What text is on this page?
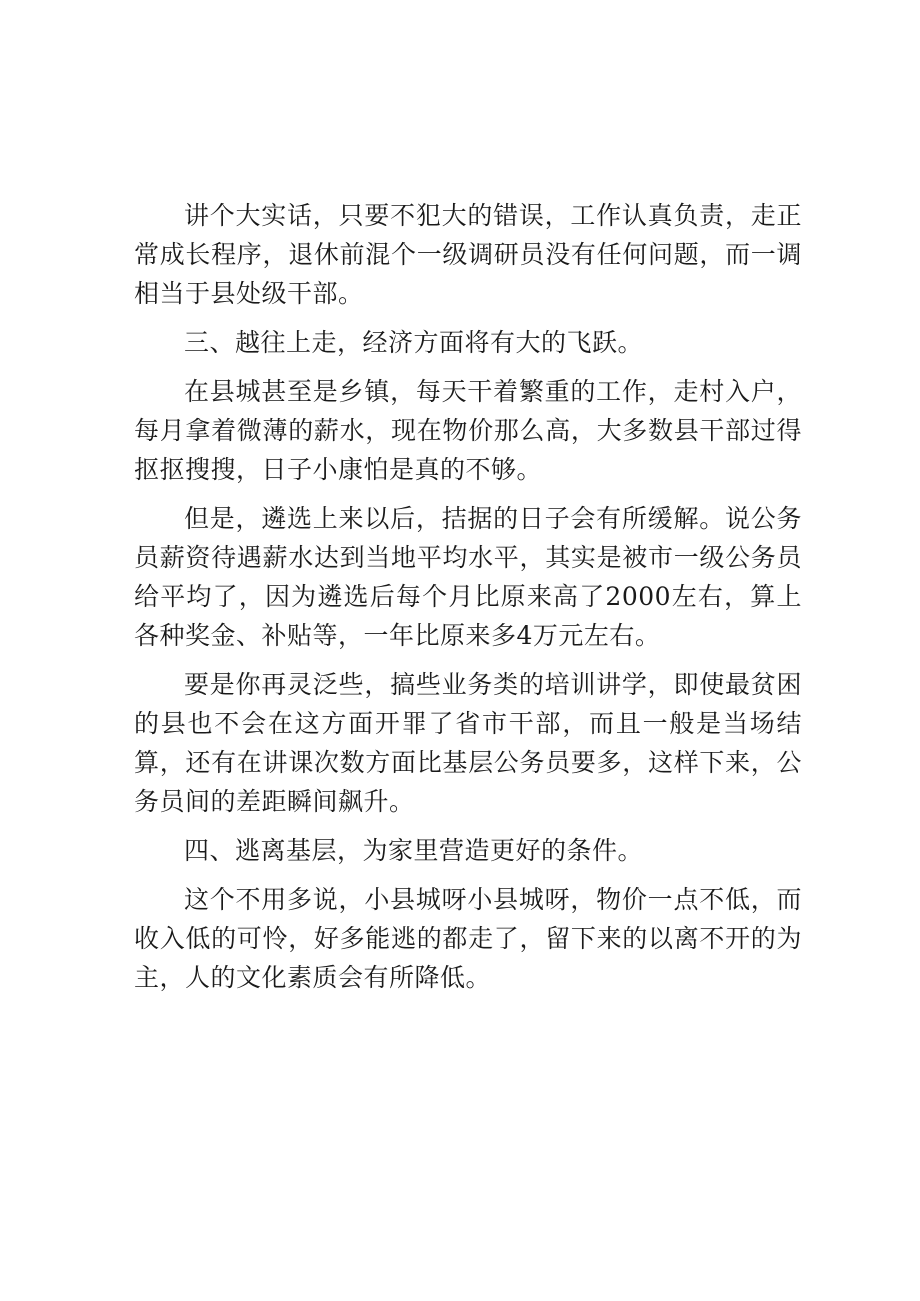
讲个大实话，只要不犯大的错误，工作认真负责，走正常成长程序，退休前混个一级调研员没有任何问题，而一调相当于县处级干部。

三、越往上走，经济方面将有大的飞跃。

在县城甚至是乡镇，每天干着繁重的工作，走村入户，每月拿着微薄的薪水，现在物价那么高，大多数县干部过得抠抠搜搜，日子小康怕是真的不够。

但是，遴选上来以后，拮据的日子会有所缓解。说公务员薪资待遇薪水达到当地平均水平，其实是被市一级公务员给平均了，因为遴选后每个月比原来高了2000左右，算上各种奖金、补贴等，一年比原来多4万元左右。

要是你再灵泛些，搞些业务类的培训讲学，即使最贫困的县也不会在这方面开罪了省市干部，而且一般是当场结算，还有在讲课次数方面比基层公务员要多，这样下来，公务员间的差距瞬间飙升。

四、逃离基层，为家里营造更好的条件。

这个不用多说，小县城呀小县城呀，物价一点不低，而收入低的可怜，好多能逃的都走了，留下来的以离不开的为主，人的文化素质会有所降低。
